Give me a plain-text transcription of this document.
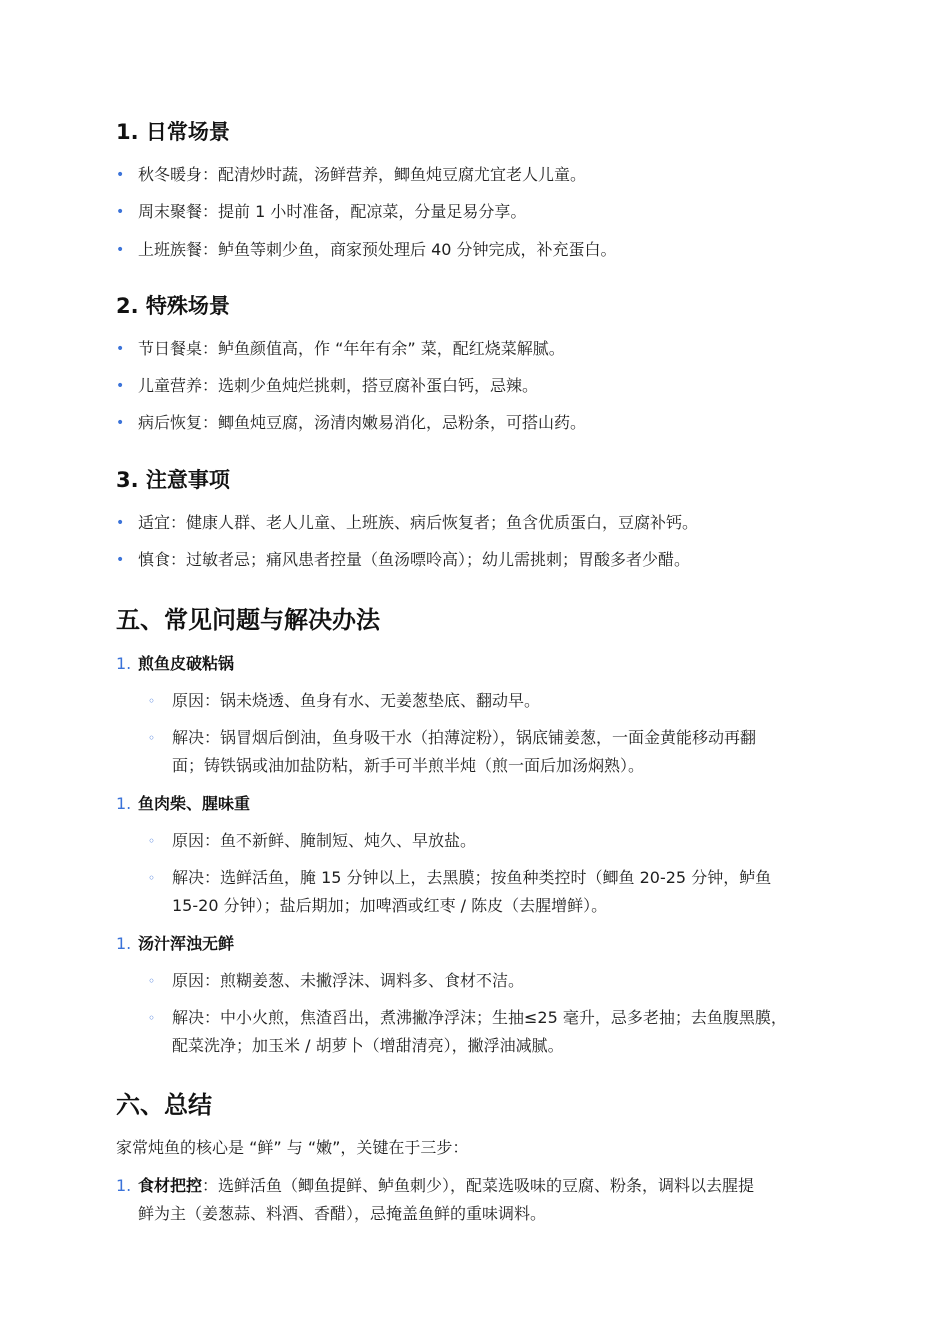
1. 日常场景
• 秋冬暖身：配清炒时蔬，汤鲜营养，鲫鱼炖豆腐尤宜老人儿童。
• 周末聚餐：提前 1 小时准备，配凉菜，分量足易分享。
• 上班族餐：鲈鱼等刺少鱼，商家预处理后 40 分钟完成，补充蛋白。
2. 特殊场景
• 节日餐桌：鲈鱼颜值高，作 “年年有余” 菜，配红烧菜解腻。
• 儿童营养：选刺少鱼炖烂挑刺，搭豆腐补蛋白钙，忌辣。
• 病后恢复：鲫鱼炖豆腐，汤清肉嫩易消化，忌粉条，可搭山药。
3. 注意事项
• 适宜：健康人群、老人儿童、上班族、病后恢复者；鱼含优质蛋白，豆腐补钙。
• 慎食：过敏者忌；痛风患者控量（鱼汤嘌呤高）；幼儿需挑刺；胃酸多者少醋。
五、常见问题与解决办法
1. 煎鱼皮破粘锅
◦ 原因：锅未烧透、鱼身有水、无姜葱垫底、翻动早。
◦ 解决：锅冒烟后倒油，鱼身吸干水（拍薄淀粉），锅底铺姜葱，一面金黄能移动再翻
面；铸铁锅或油加盐防粘，新手可半煎半炖（煎一面后加汤焖熟）。
1. 鱼肉柴、腥味重
◦ 原因：鱼不新鲜、腌制短、炖久、早放盐。
◦ 解决：选鲜活鱼，腌 15 分钟以上，去黑膜；按鱼种类控时（鲫鱼 20-25 分钟，鲈鱼
15-20 分钟）；盐后期加；加啤酒或红枣 / 陈皮（去腥增鲜）。
1. 汤汁浑浊无鲜
◦ 原因：煎糊姜葱、未撇浮沫、调料多、食材不洁。
◦ 解决：中小火煎，焦渣舀出，煮沸撇净浮沫；生抽≤25 毫升，忌多老抽；去鱼腹黑膜，
配菜洗净；加玉米 / 胡萝卜（增甜清亮），撇浮油减腻。
六、总结
家常炖鱼的核心是 “鲜” 与 “嫩”，关键在于三步：
1. 食材把控：选鲜活鱼（鲫鱼提鲜、鲈鱼刺少），配菜选吸味的豆腐、粉条，调料以去腥提
鲜为主（姜葱蒜、料酒、香醋），忌掩盖鱼鲜的重味调料。
